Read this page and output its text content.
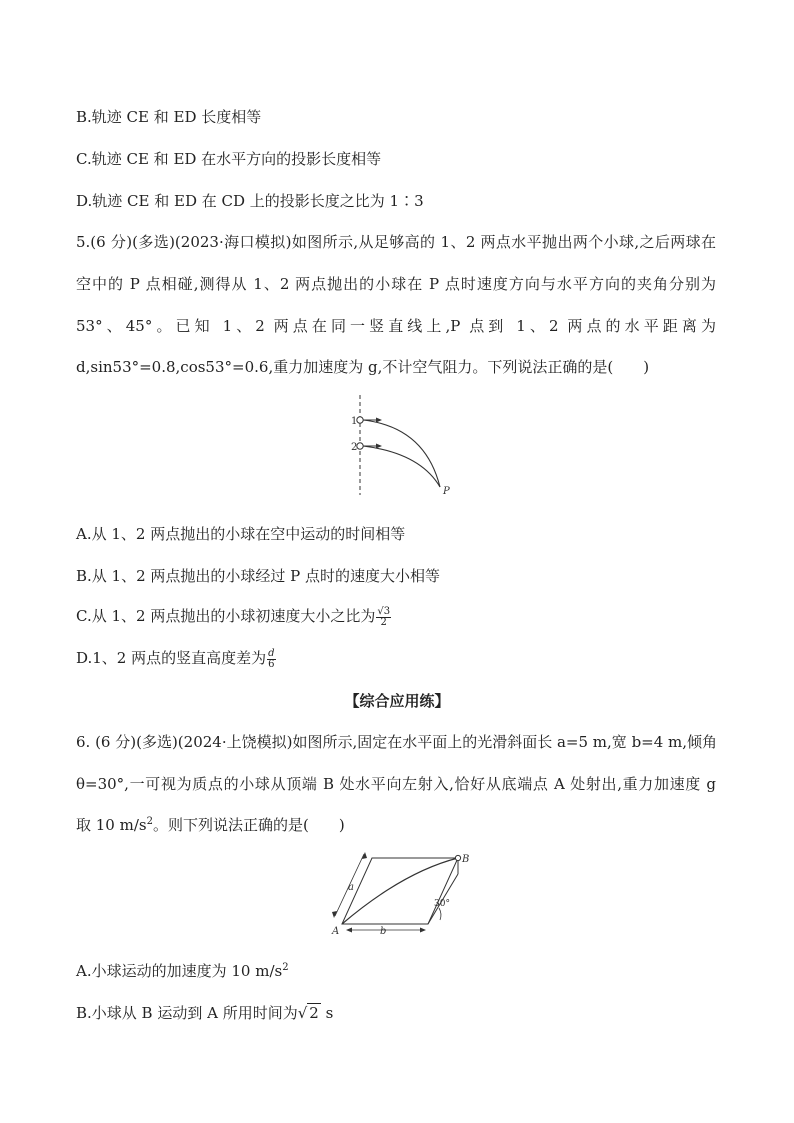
B.轨迹 CE 和 ED 长度相等
C.轨迹 CE 和 ED 在水平方向的投影长度相等
D.轨迹 CE 和 ED 在 CD 上的投影长度之比为 1∶3
5.(6 分)(多选)(2023·海口模拟)如图所示,从足够高的 1、2 两点水平抛出两个小球,之后两球在
空中的 P 点相碰,测得从 1、2 两点抛出的小球在 P 点时速度方向与水平方向的夹角分别为
53°、45°。已知 1、2 两点在同一竖直线上,P 点到 1、2 两点的水平距离为
d,sin53°=0.8,cos53°=0.6,重力加速度为 g,不计空气阻力。下列说法正确的是(　　)
1
2
P
A.从 1、2 两点抛出的小球在空中运动的时间相等
B.从 1、2 两点抛出的小球经过 P 点时的速度大小相等
C.从 1、2 两点抛出的小球初速度大小之比为 $\frac{√3}{2}$
D.1、2 两点的竖直高度差为 $\frac{d}{6}$
【综合应用练】
6. (6 分)(多选)(2024·上饶模拟)如图所示,固定在水平面上的光滑斜面长 a=5 m,宽 b=4 m,倾角
θ=30°,一可视为质点的小球从顶端 B 处水平向左射入,恰好从底端点 A 处射出,重力加速度 g
取 10 $m/s^2$。则下列说法正确的是(　　)
a
b
A
B
30°
A.小球运动的加速度为 10 $m/s^2$
B.小球从 B 运动到 A 所用时间为√ 2 s
